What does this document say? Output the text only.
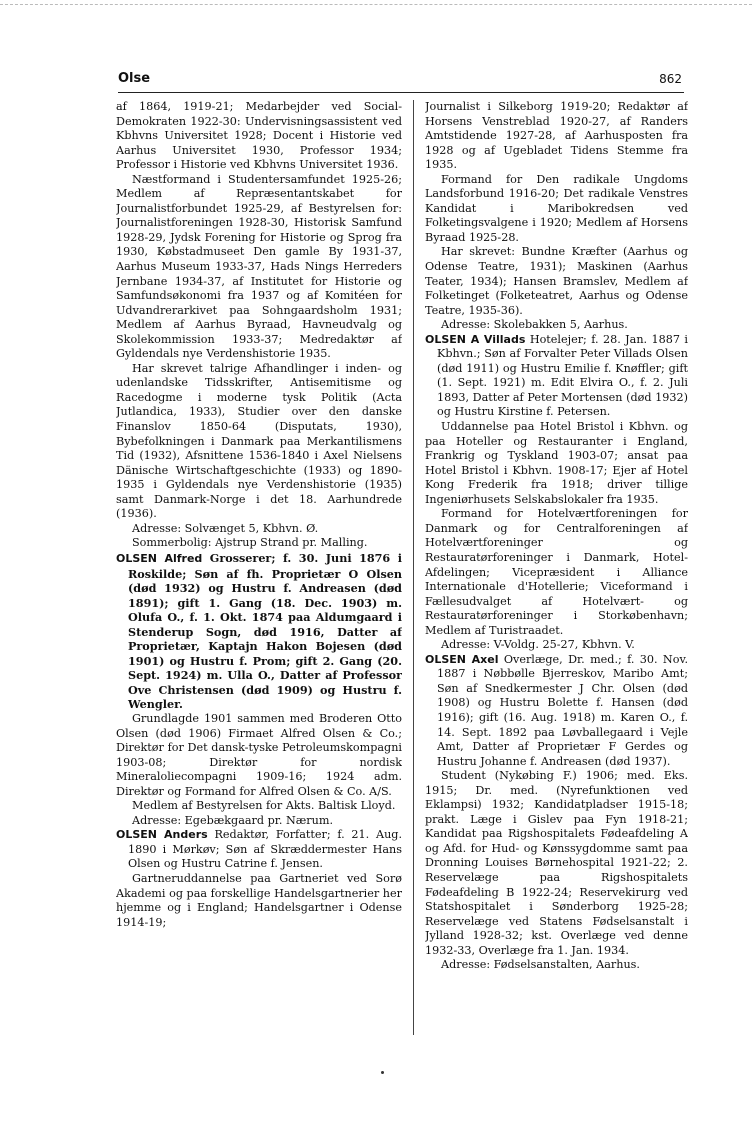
Olse	862

af 1864, 1919-21; Medarbejder ved Social-Demokraten 1922-30: Undervisningsassistent ved Kbhvns Universitet 1928; Docent i Historie ved Aarhus Universitet 1930, Professor 1934; Professor i Historie ved Kbhvns Universitet 1936.

Næstformand i Studentersamfundet 1925-26; Medlem af Repræsentantskabet for Journalistforbundet 1925-29, af Bestyrelsen for: Journalistforeningen 1928-30, Historisk Samfund 1928-29, Jydsk Forening for Historie og Sprog fra 1930, Købstadmuseet Den gamle By 1931-37, Aarhus Museum 1933-37, Hads Nings Herreders Jernbane 1934-37, af Institutet for Historie og Samfundsøkonomi fra 1937 og af Komitéen for Udvandrerarkivet paa Sohngaardsholm 1931; Medlem af Aarhus Byraad, Havneudvalg og Skolekommission 1933-37; Medredaktør af Gyldendals nye Verdenshistorie 1935.

Har skrevet talrige Afhandlinger i inden- og udenlandske Tidsskrifter, Antisemitisme og Racedogme i moderne tysk Politik (Acta Jutlandica, 1933), Studier over den danske Finanslov 1850-64 (Disputats, 1930), Bybefolkningen i Danmark paa Merkantilismens Tid (1932), Afsnittene 1536-1840 i Axel Nielsens Dänische Wirtschaftgeschichte (1933) og 1890-1935 i Gyldendals nye Verdenshistorie (1935) samt Danmark-Norge i det 18. Aarhundrede (1936).

Adresse: Solvænget 5, Kbhvn. Ø.

Sommerbolig: Ajstrup Strand pr. Malling.

OLSEN Alfred Grosserer; f. 30. Juni 1876 i Roskilde; Søn af fh. Proprietær O Olsen (død 1932) og Hustru f. Andreasen (død 1891); gift 1. Gang (18. Dec. 1903) m. Olufa O., f. 1. Okt. 1874 paa Aldumgaard i Stenderup Sogn, død 1916, Datter af Proprietær, Kaptajn Hakon Bojesen (død 1901) og Hustru f. Prom; gift 2. Gang (20. Sept. 1924) m. Ulla O., Datter af Professor Ove Christensen (død 1909) og Hustru f. Wengler.

Grundlagde 1901 sammen med Broderen Otto Olsen (død 1906) Firmaet Alfred Olsen & Co.; Direktør for Det dansk-tyske Petroleumskompagni 1903-08; Direktør for nordisk Mineraloliecompagni 1909-16; 1924 adm. Direktør og Formand for Alfred Olsen & Co. A/S.

Medlem af Bestyrelsen for Akts. Baltisk Lloyd.

Adresse: Egebækgaard pr. Nærum.

OLSEN Anders Redaktør, Forfatter; f. 21. Aug. 1890 i Mørkøv; Søn af Skræddermester Hans Olsen og Hustru Catrine f. Jensen.

Gartneruddannelse paa Gartneriet ved Sorø Akademi og paa forskellige Handelsgartnerier her hjemme og i England; Handelsgartner i Odense 1914-19;

Journalist i Silkeborg 1919-20; Redaktør af Horsens Venstreblad 1920-27, af Randers Amtstidende 1927-28, af Aarhusposten fra 1928 og af Ugebladet Tidens Stemme fra 1935.

Formand for Den radikale Ungdoms Landsforbund 1916-20; Det radikale Venstres Kandidat i Maribokredsen ved Folketingsvalgene i 1920; Medlem af Horsens Byraad 1925-28.

Har skrevet: Bundne Kræfter (Aarhus og Odense Teatre, 1931); Maskinen (Aarhus Teater, 1934); Hansen Bramslev, Medlem af Folketinget (Folketeatret, Aarhus og Odense Teatre, 1935-36).

Adresse: Skolebakken 5, Aarhus.

OLSEN A Villads Hotelejer; f. 28. Jan. 1887 i Kbhvn.; Søn af Forvalter Peter Villads Olsen (død 1911) og Hustru Emilie f. Knøffler; gift (1. Sept. 1921) m. Edit Elvira O., f. 2. Juli 1893, Datter af Peter Mortensen (død 1932) og Hustru Kirstine f. Petersen.

Uddannelse paa Hotel Bristol i Kbhvn. og paa Hoteller og Restauranter i England, Frankrig og Tyskland 1903-07; ansat paa Hotel Bristol i Kbhvn. 1908-17; Ejer af Hotel Kong Frederik fra 1918; driver tillige Ingeniørhusets Selskabslokaler fra 1935.

Formand for Hotelværtforeningen for Danmark og for Centralforeningen af Hotelværtforeninger og Restauratørforeninger i Danmark, Hotel-Afdelingen; Vicepræsident i Alliance Internationale d'Hotellerie; Viceformand i Fællesudvalget af Hotelvært- og Restauratørforeninger i Storkøbenhavn; Medlem af Turistraadet.

Adresse: V-Voldg. 25-27, Kbhvn. V.

OLSEN Axel Overlæge, Dr. med.; f. 30. Nov. 1887 i Nøbbølle Bjerreskov, Maribo Amt; Søn af Snedkermester J Chr. Olsen (død 1908) og Hustru Bolette f. Hansen (død 1916); gift (16. Aug. 1918) m. Karen O., f. 14. Sept. 1892 paa Løvballegaard i Vejle Amt, Datter af Proprietær F Gerdes og Hustru Johanne f. Andreasen (død 1937).

Student (Nykøbing F.) 1906; med. Eks. 1915; Dr. med. (Nyrefunktionen ved Eklampsi) 1932; Kandidatpladser 1915-18; prakt. Læge i Gislev paa Fyn 1918-21; Kandidat paa Rigshospitalets Fødeafdeling A og Afd. for Hud- og Kønssygdomme samt paa Dronning Louises Børnehospital 1921-22; 2. Reservelæge paa Rigshospitalets Fødeafdeling B 1922-24; Reservekirurg ved Statshospitalet i Sønderborg 1925-28; Reservelæge ved Statens Fødselsanstalt i Jylland 1928-32; kst. Overlæge ved denne 1932-33, Overlæge fra 1. Jan. 1934.

Adresse: Fødselsanstalten, Aarhus.
